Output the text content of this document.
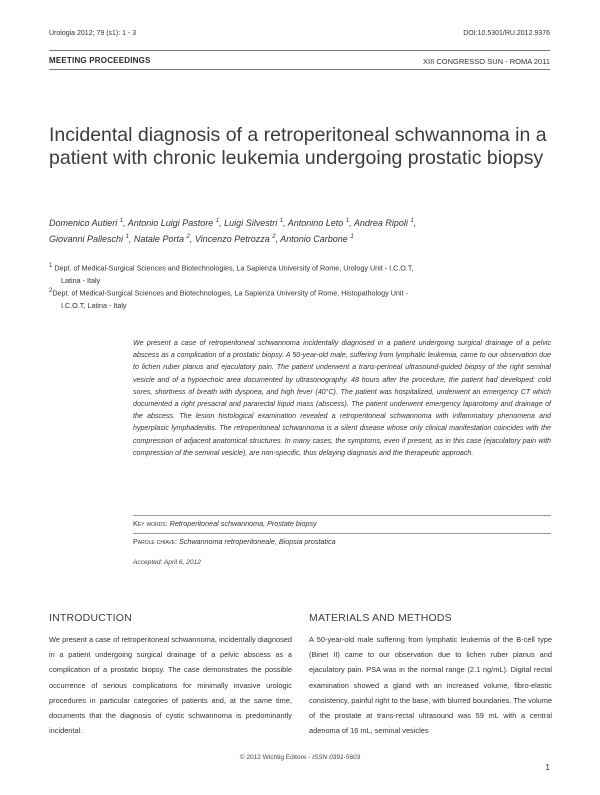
Urologia 2012; 79 (s1): 1 - 3	DOI:10.5301/RU.2012.9376
MEETING PROCEEDINGS	XIII CONGRESSO SUN - ROMA 2011
Incidental diagnosis of a retroperitoneal schwannoma in a patient with chronic leukemia undergoing prostatic biopsy
Domenico Autieri $^1$, Antonio Luigi Pastore $^1$, Luigi Silvestri $^1$, Antonino Leto $^1$, Andrea Ripoli $^1$,
Giovanni Palleschi $^1$, Natale Porta $^2$, Vincenzo Petrozza $^2$, Antonio Carbone $^1$
$^1$ Dept. of Medical-Surgical Sciences and Biotechnologies, La Sapienza University of Rome, Urology Unit - I.C.O.T,
Latina - Italy
$^2$Dept. of Medical-Surgical Sciences and Biotechnologies, La Sapienza University of Rome, Histopathology Unit -
I.C.O.T, Latina - Italy

We present a case of retroperitoneal schwannoma incidentally diagnosed in a patient undergoing surgical drainage of a pelvic abscess as a complication of a prostatic biopsy. A 50-year-old male, suffering from lymphatic leukemia, came to our observation due to lichen ruber planus and ejaculatory pain. The patient underwent a trans-perineal ultrasound-guided biopsy of the right seminal vesicle and of a hypoechoic area documented by ultrasonography. 48 hours after the procedure, the patient had developed: cold sores, shortness of breath with dyspnea, and high fever (40°C). The patient was hospitalized, underwent an emergency CT which documented a right presacral and pararectal liquid mass (abscess). The patient underwent emergency laparotomy and drainage of the abscess. The lesion histological examination revealed a retroperitoneal schwannoma with inflammatory phenomena and hyperplasic lymphadenitis. The retroperitoneal schwannoma is a silent disease whose only clinical manifestation coincides with the compression of adjacent anatomical structures. In many cases, the symptoms, even if present, as in this case (ejaculatory pain with compression of the seminal vesicle), are non-specific, thus delaying diagnosis and the therapeutic approach.

Key words: Retroperitoneal schwannoma, Prostate biopsy
Parole chiave: Schwannoma retroperitoneale, Biopsia prostatica
Accepted: April 6, 2012
INTRODUCTION	MATERIALS AND METHODS

We present a case of retroperitoneal schwannoma, incidentally diagnosed in a patient undergoing surgical drainage of a pelvic abscess as a complication of a prostatic biopsy. The case demonstrates the possible occurrence of serious complications for minimally invasive urologic procedures in particular categories of patients and, at the same time, documents that the diagnosis of cystic schwannoma is predominantly incidental.

A 50-year-old male suffering from lymphatic leukemia of the B-cell type (Binet II) came to our observation due to lichen ruber planus and ejaculatory pain. PSA was in the normal range (2.1 ng/mL). Digital rectal examination showed a gland with an increased volume, fibro-elastic consistency, painful right to the base, with blurred boundaries. The volume of the prostate at trans-rectal ultrasound was 59 mL with a central adenoma of 16 mL, seminal vesicles

© 2012 Wichtig Editore - ISSN 0391-5603
1
